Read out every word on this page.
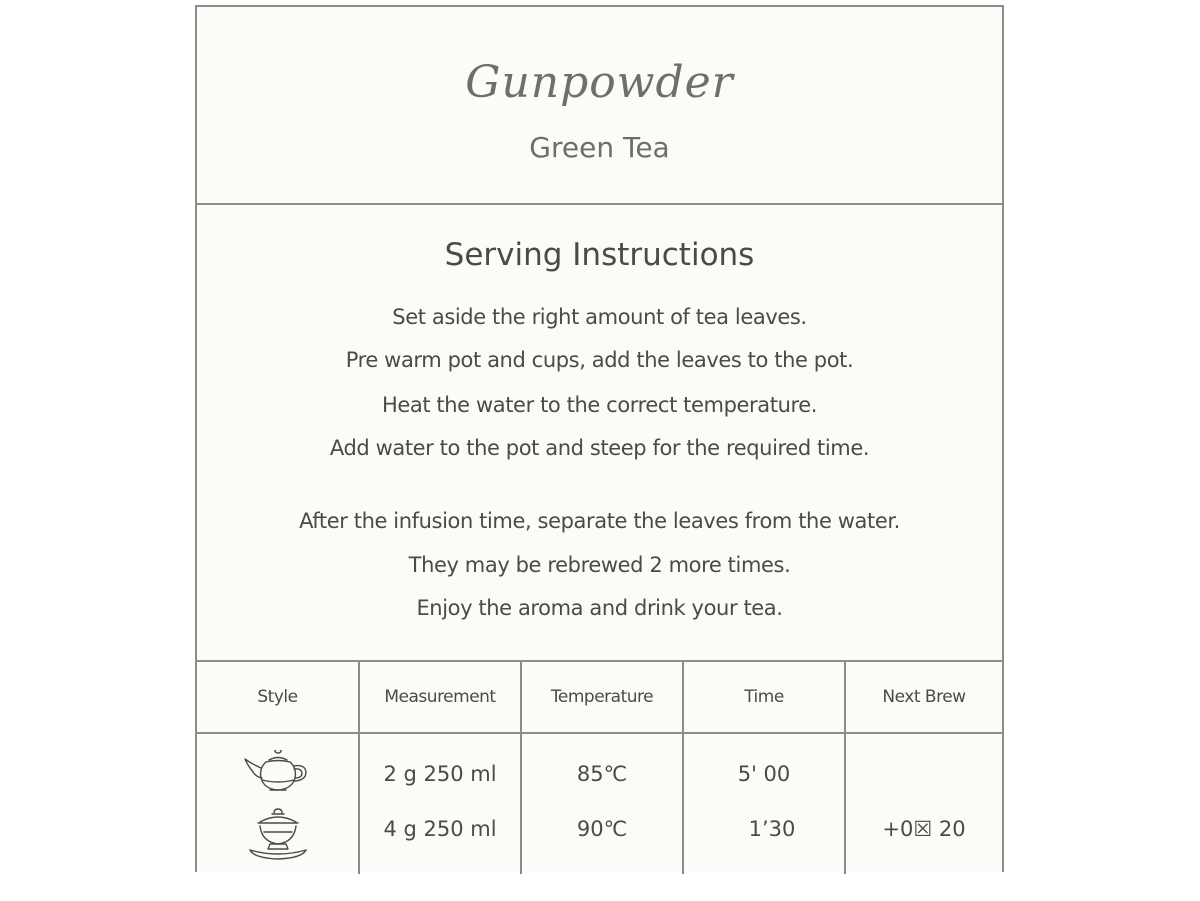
Gunpowder
Green Tea
Serving Instructions
Set aside the right amount of tea leaves.
Pre warm pot and cups, add the leaves to the pot.
Heat the water to the correct temperature.
Add water to the pot and steep for the required time.
After the infusion time, separate the leaves from the water.
They may be rebrewed 2 more times.
Enjoy the aroma and drink your tea.
Style	Measurement
2 g 250 ml
4 g 250 ml
Temperature
85℃
90℃
Time
5' 00
1’30
Next Brew
+0☒ 20
